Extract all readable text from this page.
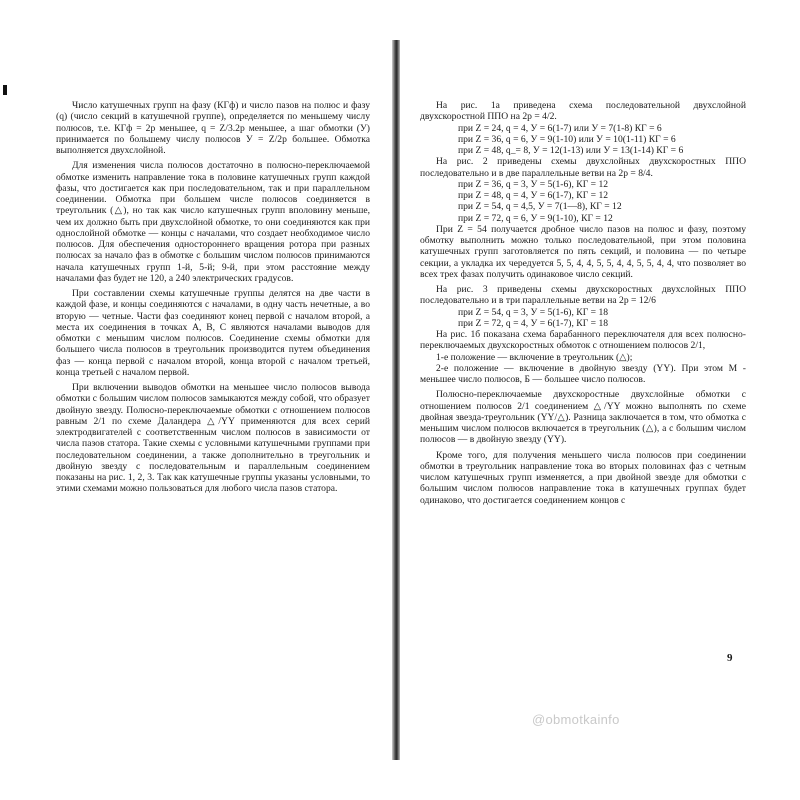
Число катушечных групп на фазу (КГф) и число пазов на полюс и фазу (q) (число секций в катушечной группе), определяется по меньшему числу полюсов, т.е. КГф = 2р меньшее, q = Z/3.2p меньшее, а шаг обмотки (У) принимается по большему числу полюсов У = Z/2p большее. Обмотка выполняется двухслойной.

Для изменения числа полюсов достаточно в полюсно-переключаемой обмотке изменить направление тока в половине катушечных групп каждой фазы, что достигается как при последовательном, так и при параллельном соединении. Обмотка при большем числе полюсов соединяется в треугольник (△), но так как число катушечных групп вполовину меньше, чем их должно быть при двухслойной обмотке, то они соединяются как при однослойной обмотке — концы с началами, что создает необходимое число полюсов. Для обеспечения одностороннего вращения ротора при разных полюсах за начало фаз в обмотке с большим числом полюсов принимаются начала катушечных групп 1-й, 5-й; 9-й, при этом расстояние между началами фаз будет не 120, а 240 электрических градусов.

При составлении схемы катушечные группы делятся на две части в каждой фазе, и концы соединяются с началами, в одну часть нечетные, а во вторую — четные. Части фаз соединяют конец первой с началом второй, а места их соединения в точках А, В, С являются началами выводов для обмотки с меньшим числом полюсов. Соединение схемы обмотки для большего числа полюсов в треугольник производится путем объединения фаз — конца первой с началом второй, конца второй с началом третьей, конца третьей с началом первой.

При включении выводов обмотки на меньшее число полюсов вывода обмотки с большим числом полюсов замыкаются между собой, что образует двойную звезду. Полюсно-переключаемые обмотки с отношением полюсов равным 2/1 по схеме Даландера △/YY применяются для всех серий электродвигателей с соответственным числом полюсов в зависимости от числа пазов статора. Такие схемы с условными катушечными группами при последовательном соединении, а также дополнительно в треугольник и двойную звезду с последовательным и параллельным соединением показаны на рис. 1, 2, 3. Так как катушечные группы указаны условными, то этими схемами можно пользоваться для любого числа пазов статора.

На рис. 1а приведена схема последовательной двухслойной двухскоростной ППО на 2р = 4/2.

при Z = 24, q = 4, У = 6(1-7) или У = 7(1-8) КГ = 6

при Z = 36, q = 6, У = 9(1-10) или У = 10(1-11) КГ = 6

при Z = 48, q_= 8, У = 12(1-13) или У = 13(1-14) КГ = 6

На рис. 2 приведены схемы двухслойных двухскоростных ППО последовательно и в две параллельные ветви на 2р = 8/4.

при Z = 36, q = 3, У = 5(1-6), КГ = 12

при Z = 48, q = 4, У = 6(1-7), КГ = 12

при Z = 54, q = 4,5, У = 7(1—8), КГ = 12

при Z = 72, q = 6, У = 9(1-10), КГ = 12

При Z = 54 получается дробное число пазов на полюс и фазу, поэтому обмотку выполнить можно только последовательной, при этом половина катушечных групп заготовляется по пять секций, и половина — по четыре секции, а укладка их чередуется 5, 5, 4, 4, 5, 5, 4, 4, 5, 5, 4, 4, что позволяет во всех трех фазах получить одинаковое число секций.

На рис. 3 приведены схемы двухскоростных двухслойных ППО последовательно и в три параллельные ветви на 2р = 12/6

при Z = 54, q = 3, У = 5(1-6), КГ = 18

при Z = 72, q = 4, У = 6(1-7), КГ = 18

На рис. 1б показана схема барабанного переключателя для всех полюсно-переключаемых двухскоростных обмоток с отношением полюсов 2/1,

1-е положение — включение в треугольник (△);

2-е положение — включение в двойную звезду (YY). При этом М - меньшее число полюсов, Б — большее число полюсов.

Полюсно-переключаемые двухскоростные двухслойные обмотки с отношением полюсов 2/1 соединением △/YY можно выполнять по схеме двойная звезда-треугольник (YY/△). Разница заключается в том, что обмотка с меньшим числом полюсов включается в треугольник (△), а с большим числом полюсов — в двойную звезду (YY).

Кроме того, для получения меньшего числа полюсов при соединении обмотки в треугольник направление тока во вторых половинах фаз с четным числом катушечных групп изменяется, а при двойной звезде для обмотки с большим числом полюсов направление тока в катушечных группах будет одинаково, что достигается соединением концов с

9
@obmotkainfo
